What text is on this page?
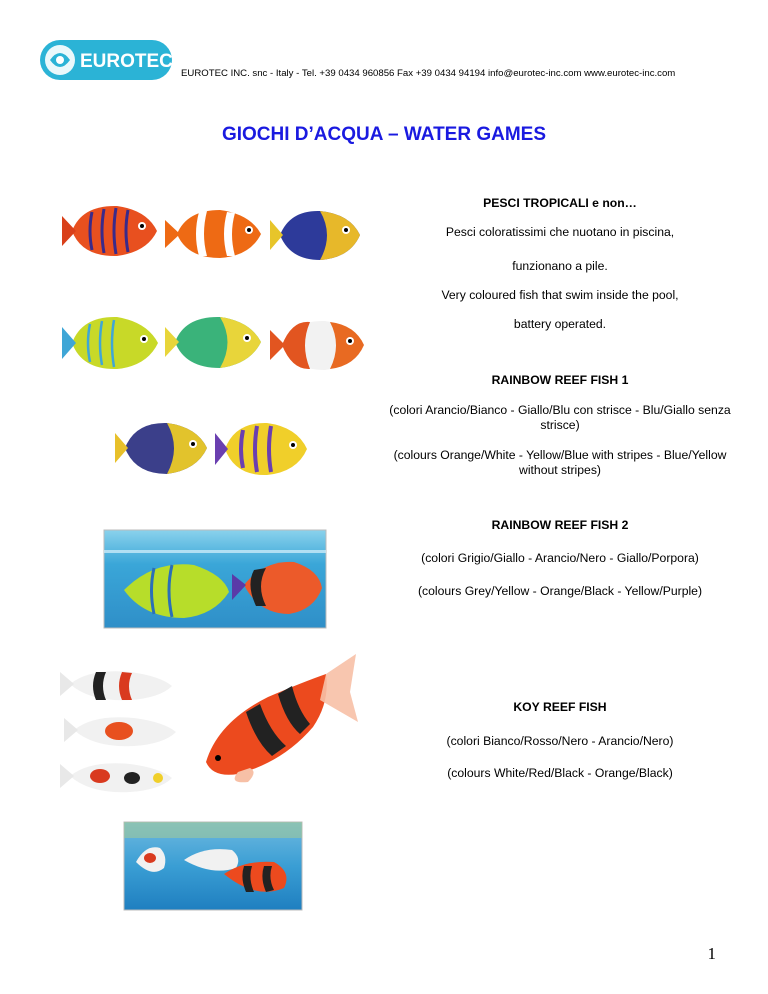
EUROTEC
EUROTEC INC. snc - Italy - Tel. +39 0434 960856 Fax +39 0434 94194 info@eurotec-inc.com www.eurotec-inc.com
GIOCHI D’ACQUA – WATER GAMES
PESCI TROPICALI e non…
Pesci coloratissimi che nuotano in piscina,
funzionano a pile.
Very coloured fish that swim inside the pool,
battery operated.
RAINBOW REEF FISH 1
(colori Arancio/Bianco - Giallo/Blu con strisce - Blu/Giallo senza strisce)
(colours Orange/White - Yellow/Blue with stripes - Blue/Yellow without stripes)
RAINBOW REEF FISH 2
(colori Grigio/Giallo - Arancio/Nero - Giallo/Porpora)
(colours Grey/Yellow - Orange/Black - Yellow/Purple)
KOY REEF FISH
(colori Bianco/Rosso/Nero - Arancio/Nero)
(colours White/Red/Black - Orange/Black)
1
